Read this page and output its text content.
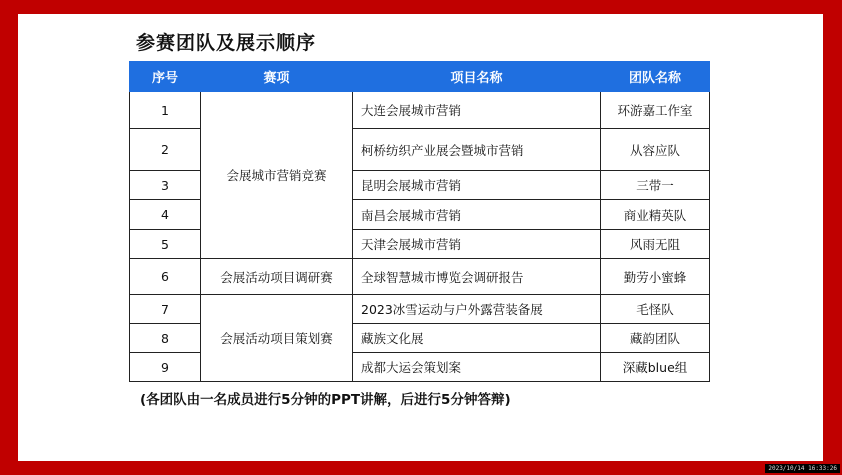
参赛团队及展示顺序
序号	赛项	项目名称	团队名称
1	会展城市营销竞赛	大连会展城市营销	环游嘉工作室
2		柯桥纺织产业展会暨城市营销	从容应队
3		昆明会展城市营销	三带一
4		南昌会展城市营销	商业精英队
5		天津会展城市营销	风雨无阻
6	会展活动项目调研赛	全球智慧城市博览会调研报告	勤劳小蜜蜂
7	会展活动项目策划赛	2023冰雪运动与户外露营装备展	毛怪队
8		藏族文化展	藏韵团队
9		成都大运会策划案	深藏blue组
(各团队由一名成员进行5分钟的PPT讲解，后进行5分钟答辩)
2023/10/14 16:33:26
